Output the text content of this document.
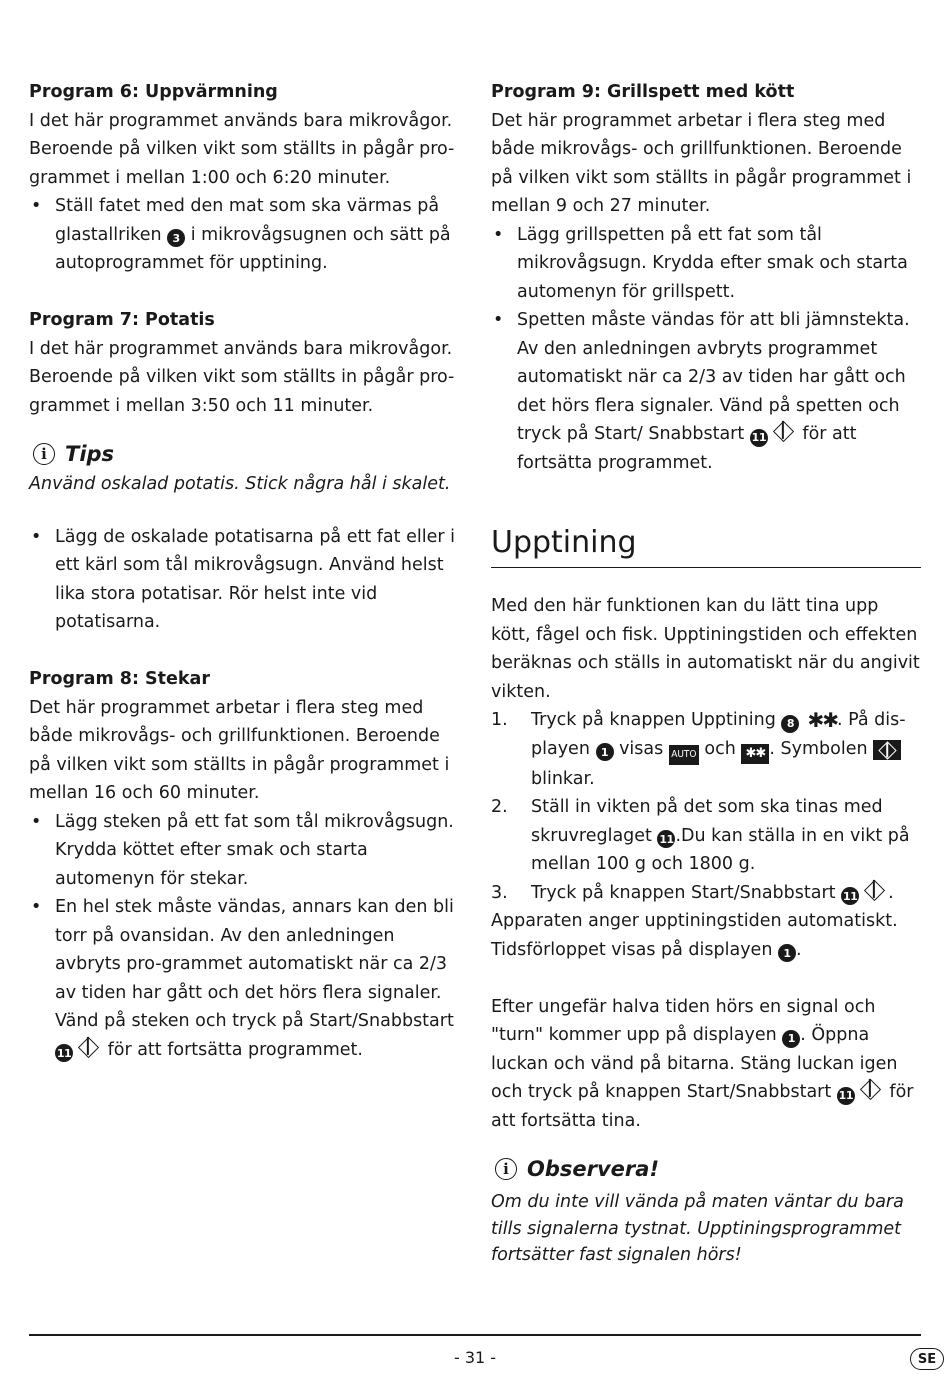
Program 6: Uppvärmning

I det här programmet används bara mikrovågor. Beroende på vilken vikt som ställts in pågår pro-grammet i mellan 1:00 och 6:20 minuter.

• Ställ fatet med den mat som ska värmas på glastallriken 3 i mikrovågsugnen och sätt på autoprogrammet för upptining.

Program 7: Potatis

I det här programmet används bara mikrovågor. Beroende på vilken vikt som ställts in pågår pro-grammet i mellan 3:50 och 11 minuter.

i Tips

Använd oskalad potatis. Stick några hål i skalet.

• Lägg de oskalade potatisarna på ett fat eller i ett kärl som tål mikrovågsugn. Använd helst lika stora potatisar. Rör helst inte vid potatisarna.

Program 8: Stekar

Det här programmet arbetar i flera steg med både mikrovågs- och grillfunktionen. Beroende på vilken vikt som ställts in pågår programmet i mellan 16 och 60 minuter.

• Lägg steken på ett fat som tål mikrovågsugn. Krydda köttet efter smak och starta automenyn för stekar.
• En hel stek måste vändas, annars kan den bli torr på ovansidan. Av den anledningen avbryts pro-grammet automatiskt när ca 2/3 av tiden har gått och det hörs flera signaler. Vänd på steken och tryck på Start/Snabbstart 11 för att fortsätta programmet.

Program 9: Grillspett med kött

Det här programmet arbetar i flera steg med både mikrovågs- och grillfunktionen. Beroende på vilken vikt som ställts in pågår programmet i mellan 9 och 27 minuter.

• Lägg grillspetten på ett fat som tål mikrovågsugn. Krydda efter smak och starta automenyn för grillspett.
• Spetten måste vändas för att bli jämnstekta. Av den anledningen avbryts programmet automatiskt när ca 2/3 av tiden har gått och det hörs flera signaler. Vänd på spetten och tryck på Start/ Snabbstart 11 för att fortsätta programmet.
Upptining

Med den här funktionen kan du lätt tina upp kött, fågel och fisk. Upptiningstiden och effekten beräknas och ställs in automatiskt när du angivit vikten.

1. Tryck på knappen Upptining 8 ✱✱. På dis-playen 1 visas AUTO och ✱✱ . Symbolen
blinkar.
2. Ställ in vikten på det som ska tinas med skruvreglaget 11 .Du kan ställa in en vikt på mellan 100 g och 1800 g.
3. Tryck på knappen Start/Snabbstart 11 .

Apparaten anger upptiningstiden automatiskt. Tidsförloppet visas på displayen 1 .

Efter ungefär halva tiden hörs en signal och "turn" kommer upp på displayen 1 . Öppna luckan och vänd på bitarna. Stäng luckan igen och tryck på knappen Start/Snabbstart 11 för att fortsätta tina.

i Observera!

Om du inte vill vända på maten väntar du bara tills signalerna tystnat. Upptiningsprogrammet fortsätter fast signalen hörs!

- 31 -	SE
